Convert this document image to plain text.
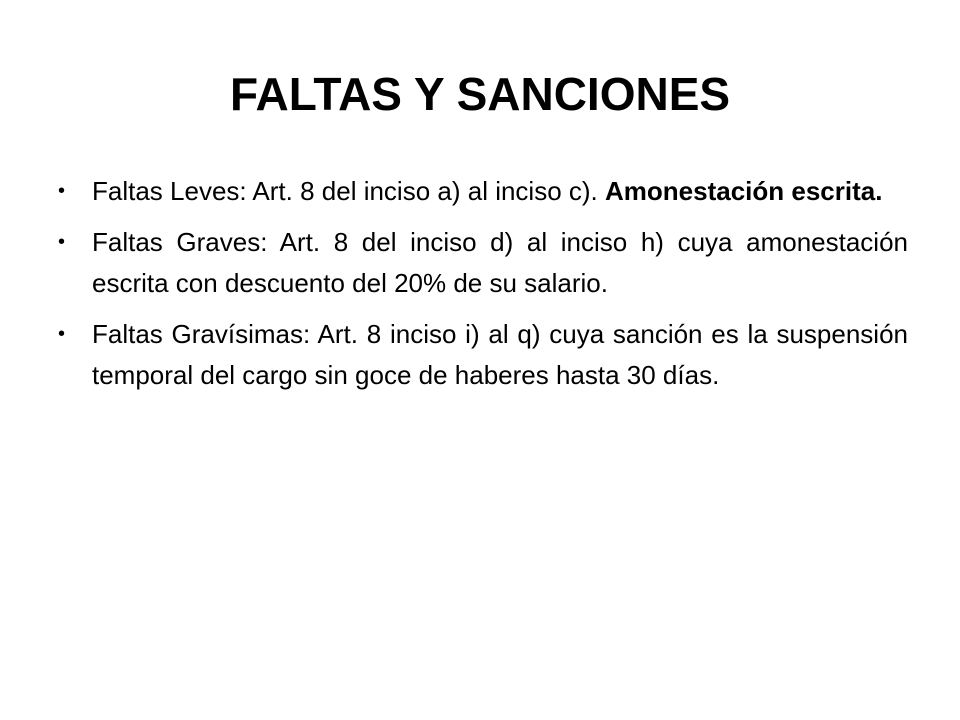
FALTAS Y SANCIONES
•	Faltas Leves: Art. 8 del inciso a) al inciso c). Amonestación escrita.
•	Faltas Graves: Art. 8 del inciso d) al inciso h) cuya amonestación escrita con descuento del 20% de su salario.
•	Faltas Gravísimas: Art. 8 inciso i) al q) cuya sanción es la suspensión temporal del cargo sin goce de haberes hasta 30 días.
